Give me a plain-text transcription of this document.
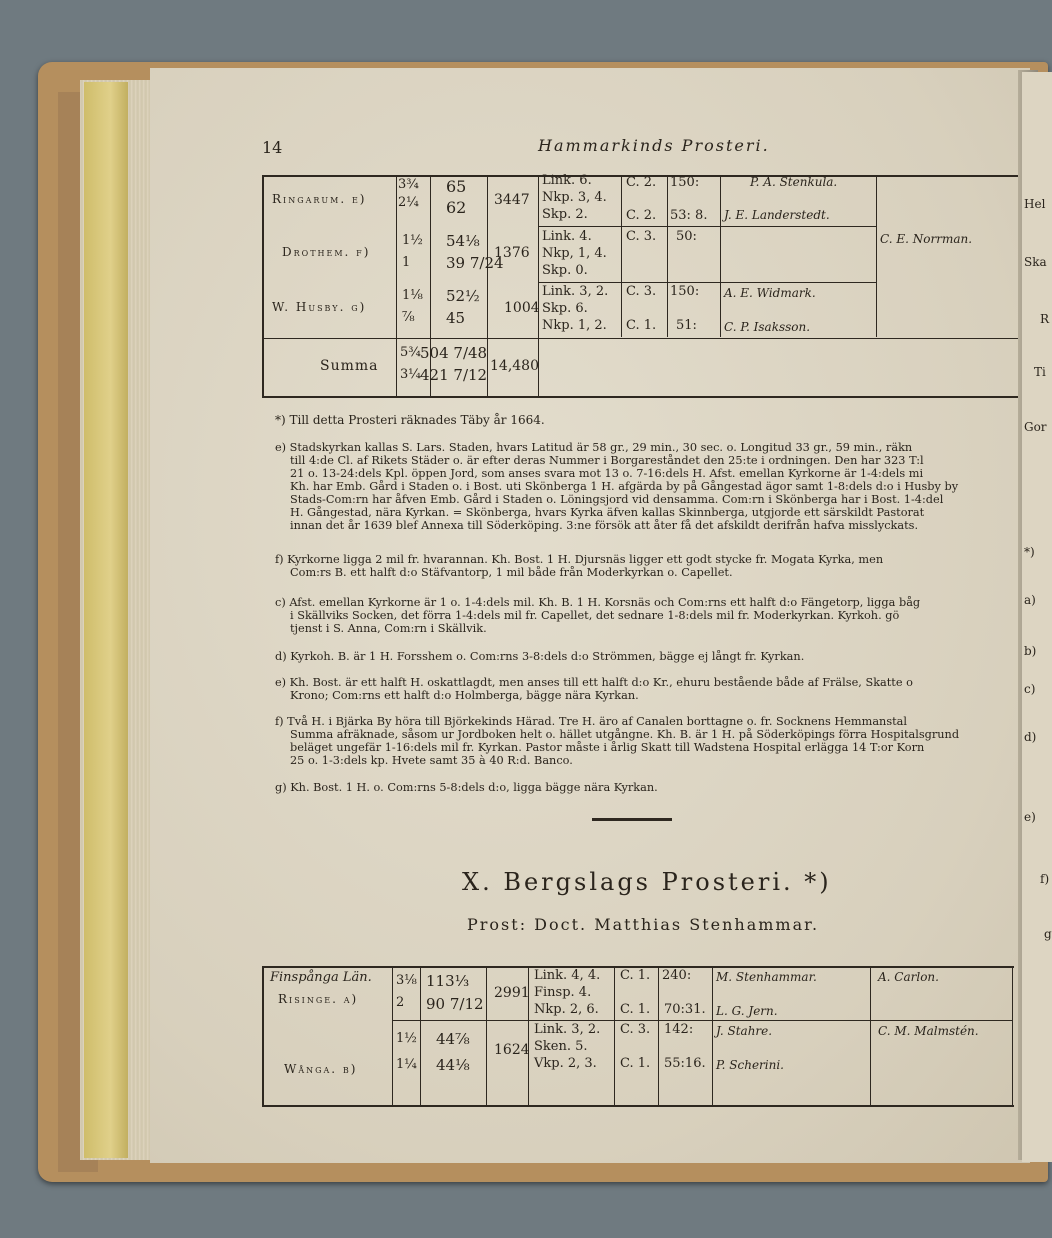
Hel
Ska
R
Ti
Gor
*)
a)
b)
c)
d)
e)
f)
g
14	Hammarkinds Prosteri.
Ringarum. e)
3¾
2¼
65
62 3447
Link. 6.
Nkp. 3, 4.
Skp. 2.
C. 2.
C. 2.
150:
53: 8.
P. A. Stenkula.
J. E. Landerstedt.
Drothem. f)
1½
1
54⅛
39 7/24
1376
Link. 4.
Nkp, 1, 4.
Skp. 0.
C. 3. 50:	C. E. Norrman.
W. Husby. g)
1⅛
⅞
52½
45
1004
Link. 3, 2.
Skp. 6.
Nkp. 1, 2.
C. 3.
C. 1.
150:
51:
A. E. Widmark.
C. P. Isaksson.
Summa
5¾
3¼
504 7/48
421 7/12 14,480
*) Till detta Prosteri räknades Täby år 1664.
e) Stadskyrkan kallas S. Lars. Staden, hvars Latitud är 58 gr., 29 min., 30 sec. o. Longitud 33 gr., 59 min., räkn
till 4:de Cl. af Rikets Städer o. är efter deras Nummer i Borgareståndet den 25:te i ordningen. Den har 323 T:l
21 o. 13-24:dels Kpl. öppen Jord, som anses svara mot 13 o. 7-16:dels H. Afst. emellan Kyrkorne är 1-4:dels mi
Kh. har Emb. Gård i Staden o. i Bost. uti Skönberga 1 H. afgärda by på Gångestad ägor samt 1-8:dels d:o i Husby by
Stads-Com:rn har åfven Emb. Gård i Staden o. Löningsjord vid densamma. Com:rn i Skönberga har i Bost. 1-4:del
H. Gångestad, nära Kyrkan. = Skönberga, hvars Kyrka äfven kallas Skinnberga, utgjorde ett särskildt Pastorat
innan det år 1639 blef Annexa till Söderköping. 3:ne försök att åter få det afskildt derifrån hafva misslyckats.
f) Kyrkorne ligga 2 mil fr. hvarannan. Kh. Bost. 1 H. Djursnäs ligger ett godt stycke fr. Mogata Kyrka, men
Com:rs B. ett halft d:o Stäfvantorp, 1 mil både från Moderkyrkan o. Capellet.
c) Afst. emellan Kyrkorne är 1 o. 1-4:dels mil. Kh. B. 1 H. Korsnäs och Com:rns ett halft d:o Fängetorp, ligga båg
i Skällviks Socken, det förra 1-4:dels mil fr. Capellet, det sednare 1-8:dels mil fr. Moderkyrkan. Kyrkoh. gö
tjenst i S. Anna, Com:rn i Skällvik.
d) Kyrkoh. B. är 1 H. Forsshem o. Com:rns 3-8:dels d:o Strömmen, bägge ej långt fr. Kyrkan.
e) Kh. Bost. är ett halft H. oskattlagdt, men anses till ett halft d:o Kr., ehuru bestående både af Frälse, Skatte o
Krono; Com:rns ett halft d:o Holmberga, bägge nära Kyrkan.
f) Två H. i Bjärka By höra till Björkekinds Härad. Tre H. äro af Canalen borttagne o. fr. Socknens Hemmanstal
Summa afräknade, såsom ur Jordboken helt o. hället utgångne. Kh. B. är 1 H. på Söderköpings förra Hospitalsgrund
beläget ungefär 1-16:dels mil fr. Kyrkan. Pastor måste i årlig Skatt till Wadstena Hospital erlägga 14 T:or Korn
25 o. 1-3:dels kp. Hvete samt 35 à 40 R:d. Banco.
g) Kh. Bost. 1 H. o. Com:rns 5-8:dels d:o, ligga bägge nära Kyrkan.
X. Bergslags Prosteri. *)
Prost: Doct. Matthias Stenhammar.
Finspånga Län.
Risinge. a)
3⅛
2
113⅓
90 7/12
2991
Link. 4, 4.
Finsp. 4.
Nkp. 2, 6.
C. 1.
C. 1.
240:
70:31.
M. Stenhammar.
L. G. Jern.
A. Carlon.
Wånga. b)
1½
1¼
44⅞
44⅛
1624
Link. 3, 2.
Sken. 5.
Vkp. 2, 3.
C. 3.
C. 1.
142:
55:16.
J. Stahre.
P. Scherini.
C. M. Malmstén.
